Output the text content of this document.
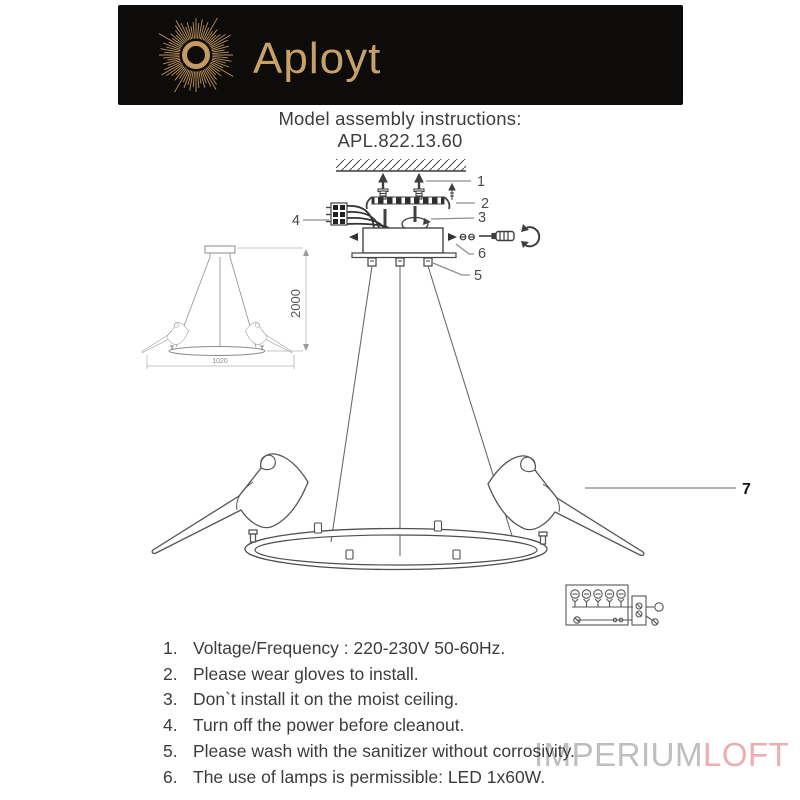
Aployt
Model assembly instructions:
APL.822.13.60
1
2
3
4
6
5
7
1020
2000
1. Voltage/Frequency : 220-230V 50-60Hz.
2. Please wear gloves to install.
3. Don`t install it on the moist ceiling.
4. Turn off the power before cleanout.
5. Please wash with the sanitizer without corrosivity.
6. The use of lamps is permissible: LED 1x60W.
IMPERIUMLOFT
